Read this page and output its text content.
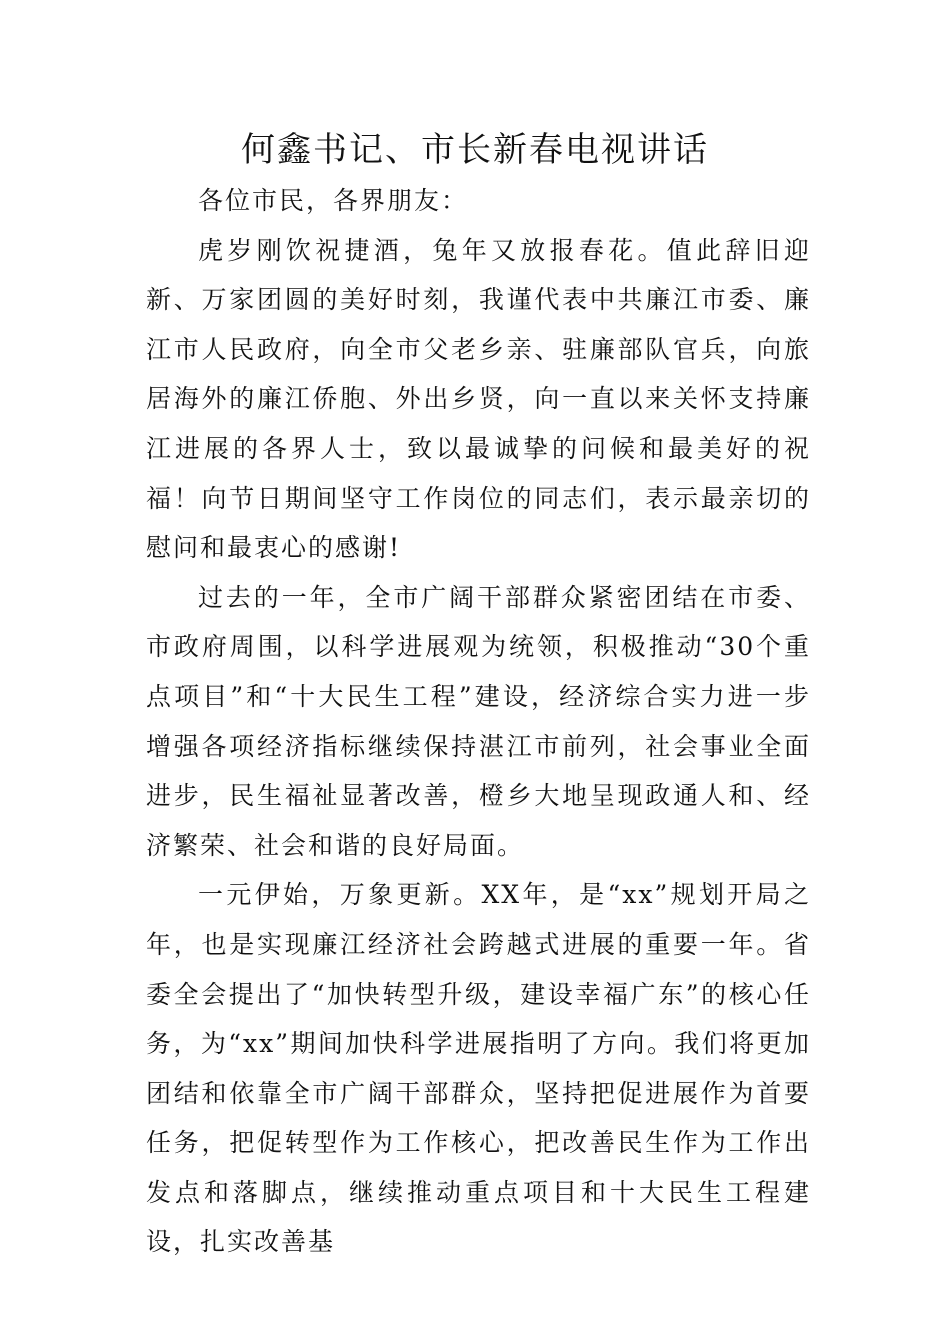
何鑫书记、市长新春电视讲话

各位市民，各界朋友：

虎岁刚饮祝捷酒，兔年又放报春花。值此辞旧迎新、万家团圆的美好时刻，我谨代表中共廉江市委、廉江市人民政府，向全市父老乡亲、驻廉部队官兵，向旅居海外的廉江侨胞、外出乡贤，向一直以来关怀支持廉江进展的各界人士，致以最诚挚的问候和最美好的祝福！向节日期间坚守工作岗位的同志们，表示最亲切的慰问和最衷心的感谢!

过去的一年，全市广阔干部群众紧密团结在市委、市政府周围，以科学进展观为统领，积极推动“30个重点项目”和“十大民生工程”建设，经济综合实力进一步增强各项经济指标继续保持湛江市前列，社会事业全面进步，民生福祉显著改善，橙乡大地呈现政通人和、经济繁荣、社会和谐的良好局面。

一元伊始，万象更新。XX年，是“xx”规划开局之年，也是实现廉江经济社会跨越式进展的重要一年。省委全会提出了“加快转型升级，建设幸福广东”的核心任务，为“xx”期间加快科学进展指明了方向。我们将更加团结和依靠全市广阔干部群众，坚持把促进展作为首要任务，把促转型作为工作核心，把改善民生作为工作出发点和落脚点，继续推动重点项目和十大民生工程建设，扎实改善基
